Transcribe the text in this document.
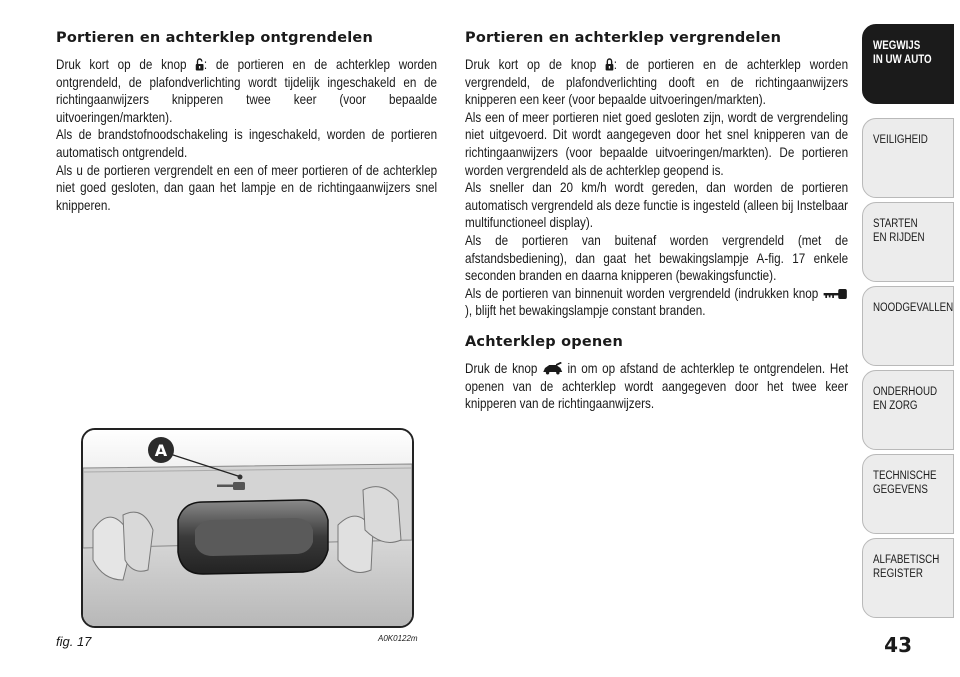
Portieren en achterklep ontgrendelen

Druk kort op de knop : de portieren en de achterklep worden ontgrendeld, de plafondverlichting wordt tijdelijk ingeschakeld en de richtingaanwijzers knipperen twee keer (voor bepaalde uitvoeringen/markten).

Als de brandstofnoodschakeling is ingeschakeld, worden de portieren automatisch ontgrendeld.

Als u de portieren vergrendelt en een of meer portieren of de achterklep niet goed gesloten, dan gaan het lampje en de richtingaanwijzers snel knipperen.

Portieren en achterklep vergrendelen

Druk kort op de knop : de portieren en de achterklep worden vergrendeld, de plafondverlichting dooft en de richtingaanwijzers knipperen een keer (voor bepaalde uitvoeringen/markten).

Als een of meer portieren niet goed gesloten zijn, wordt de vergrendeling niet uitgevoerd. Dit wordt aangegeven door het snel knipperen van de richtingaanwijzers (voor bepaalde uitvoeringen/markten). De portieren worden vergrendeld als de achterklep geopend is.

Als sneller dan 20 km/h wordt gereden, dan worden de portieren automatisch vergrendeld als deze functie is ingesteld (alleen bij Instelbaar multifunctioneel display).

Als de portieren van buitenaf worden vergrendeld (met de afstandsbediening), dan gaat het bewakingslampje A-fig. 17 enkele seconden branden en daarna knipperen (bewakingsfunctie).

Als de portieren van binnenuit worden vergrendeld (indrukken knop ), blijft het bewakingslampje constant branden.

Achterklep openen

Druk de knop  in om op afstand de achterklep te ontgrendelen. Het openen van de achterklep wordt aangegeven door het twee keer knipperen van de richtingaanwijzers.

A
fig. 17	A0K0122m
WEGWIJS
IN UW AUTO
VEILIGHEID
STARTEN
EN RIJDEN
NOODGEVALLEN
ONDERHOUD
EN ZORG
TECHNISCHE
GEGEVENS
ALFABETISCH
REGISTER
43
